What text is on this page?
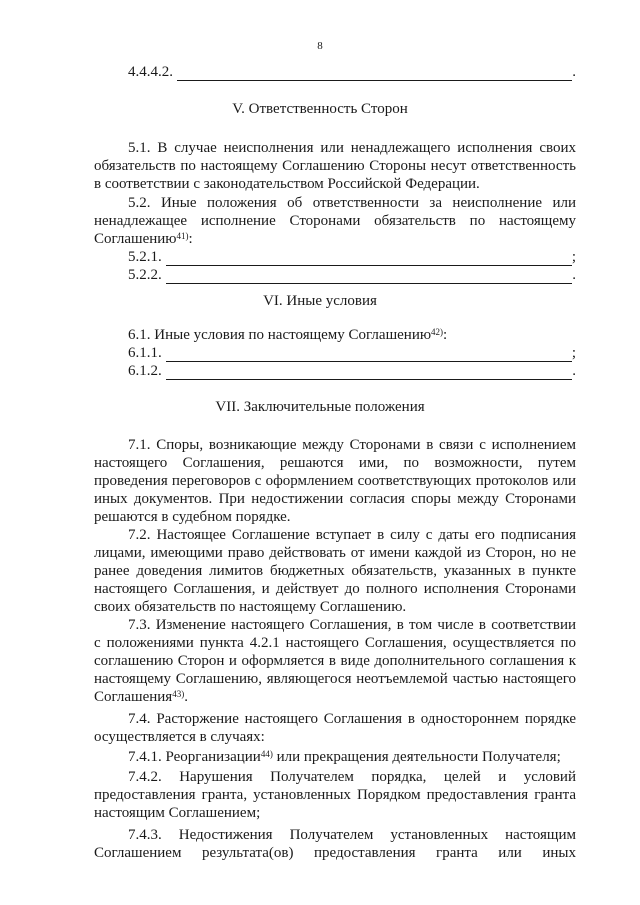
8
4.4.4.2.	.
V. Ответственность Сторон
5.1. В случае неисполнения или ненадлежащего исполнения своих
обязательств по настоящему Соглашению Стороны несут ответственность
в соответствии с законодательством Российской Федерации.
5.2. Иные положения об ответственности за неисполнение или
ненадлежащее исполнение Сторонами обязательств по настоящему
Соглашению$^{41)}$:
5.2.1.	;
5.2.2.	.
VI. Иные условия
6.1. Иные условия по настоящему Соглашению$^{42)}$:
6.1.1.	;
6.1.2.	.
VII. Заключительные положения
7.1. Споры, возникающие между Сторонами в связи с исполнением
настоящего Соглашения, решаются ими, по возможности, путем
проведения переговоров с оформлением соответствующих протоколов или
иных документов. При недостижении согласия споры между Сторонами
решаются в судебном порядке.
7.2. Настоящее Соглашение вступает в силу с даты его подписания
лицами, имеющими право действовать от имени каждой из Сторон, но не
ранее доведения лимитов бюджетных обязательств, указанных в пункте
настоящего Соглашения, и действует до полного исполнения Сторонами
своих обязательств по настоящему Соглашению.
7.3. Изменение настоящего Соглашения, в том числе в соответствии
с положениями пункта 4.2.1 настоящего Соглашения, осуществляется по
соглашению Сторон и оформляется в виде дополнительного соглашения к
настоящему Соглашению, являющегося неотъемлемой частью настоящего
Соглашения$^{43)}$.
7.4. Расторжение настоящего Соглашения в одностороннем порядке
осуществляется в случаях:
7.4.1. Реорганизации$^{44)}$ или прекращения деятельности Получателя;
7.4.2. Нарушения Получателем порядка, целей и условий
предоставления гранта, установленных Порядком предоставления гранта
настоящим Соглашением;
7.4.3. Недостижения Получателем установленных настоящим
Соглашением результата(ов) предоставления гранта или иных
